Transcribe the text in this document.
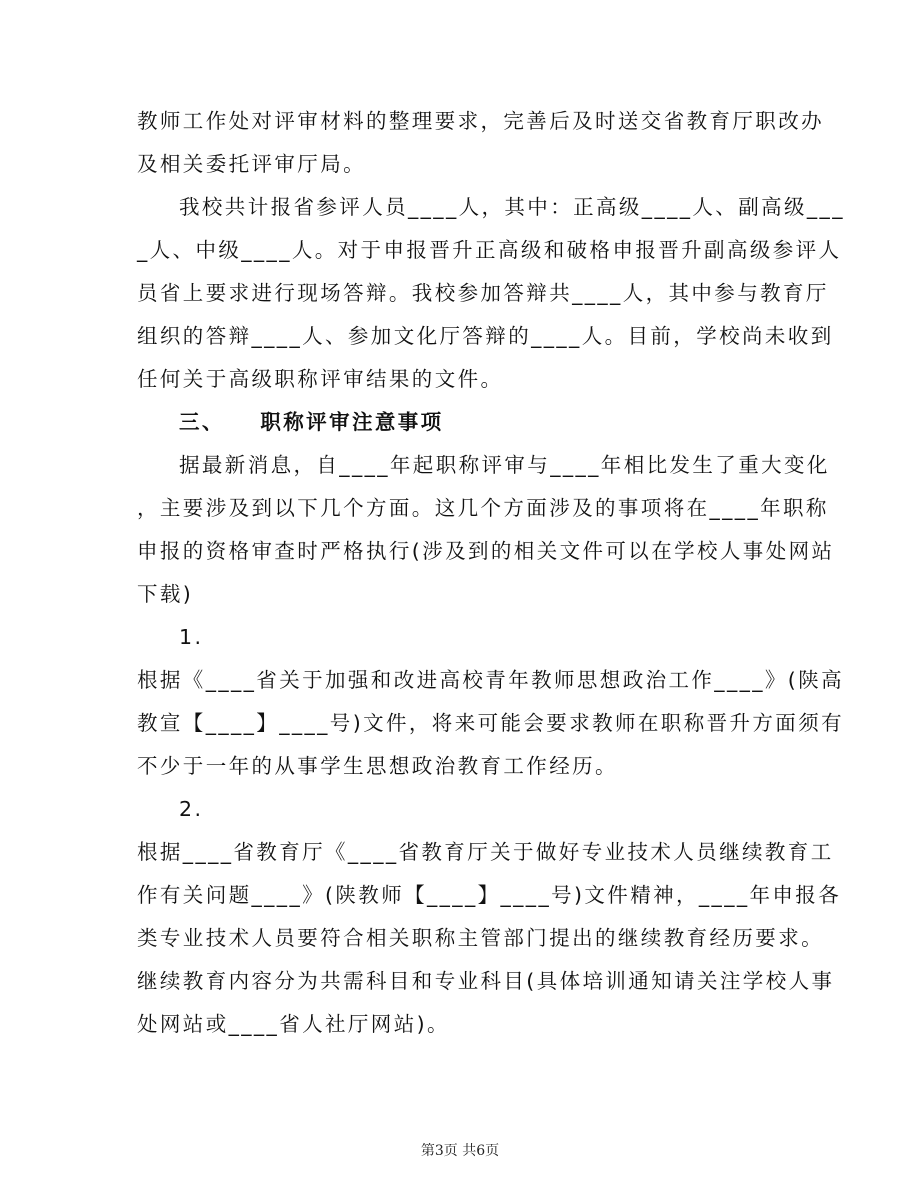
教师工作处对评审材料的整理要求，完善后及时送交省教育厅职改办
及相关委托评审厅局。
我校共计报省参评人员____人，其中：正高级____人、副高级___
_人、中级____人。对于申报晋升正高级和破格申报晋升副高级参评人
员省上要求进行现场答辩。我校参加答辩共____人，其中参与教育厅
组织的答辩____人、参加文化厅答辩的____人。目前，学校尚未收到
任何关于高级职称评审结果的文件。
三、　　职称评审注意事项
据最新消息，自____年起职称评审与____年相比发生了重大变化
，主要涉及到以下几个方面。这几个方面涉及的事项将在____年职称
申报的资格审查时严格执行(涉及到的相关文件可以在学校人事处网站
下载)
1.
根据《____省关于加强和改进高校青年教师思想政治工作____》(陕高
教宣【____】____号)文件，将来可能会要求教师在职称晋升方面须有
不少于一年的从事学生思想政治教育工作经历。
2.
根据____省教育厅《____省教育厅关于做好专业技术人员继续教育工
作有关问题____》(陕教师【____】____号)文件精神，____年申报各
类专业技术人员要符合相关职称主管部门提出的继续教育经历要求。
继续教育内容分为共需科目和专业科目(具体培训通知请关注学校人事
处网站或____省人社厅网站)。
第3页 共6页
